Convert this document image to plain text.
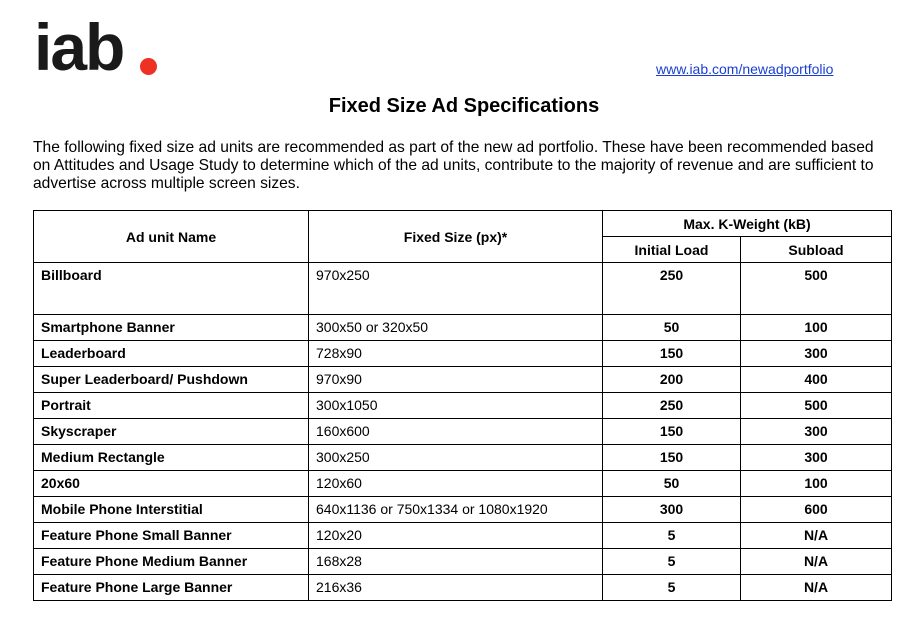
iab	www.iab.com/newadportfolio
Fixed Size Ad Specifications

The following fixed size ad units are recommended as part of the new ad portfolio. These have been recommended based on Attitudes and Usage Study to determine which of the ad units, contribute to the majority of revenue and are sufficient to advertise across multiple screen sizes.

Ad unit Name	Fixed Size (px)*	Max. K-Weight (kB)	
		Initial Load	Subload
Billboard	970x250	250	500
Smartphone Banner	300x50 or 320x50	50	100
Leaderboard	728x90	150	300
Super Leaderboard/ Pushdown	970x90	200	400
Portrait	300x1050	250	500
Skyscraper	160x600	150	300
Medium Rectangle	300x250	150	300
20x60	120x60	50	100
Mobile Phone Interstitial	640x1136 or 750x1334 or 1080x1920	300	600
Feature Phone Small Banner	120x20	5	N/A
Feature Phone Medium Banner	168x28	5	N/A
Feature Phone Large Banner	216x36	5	N/A
